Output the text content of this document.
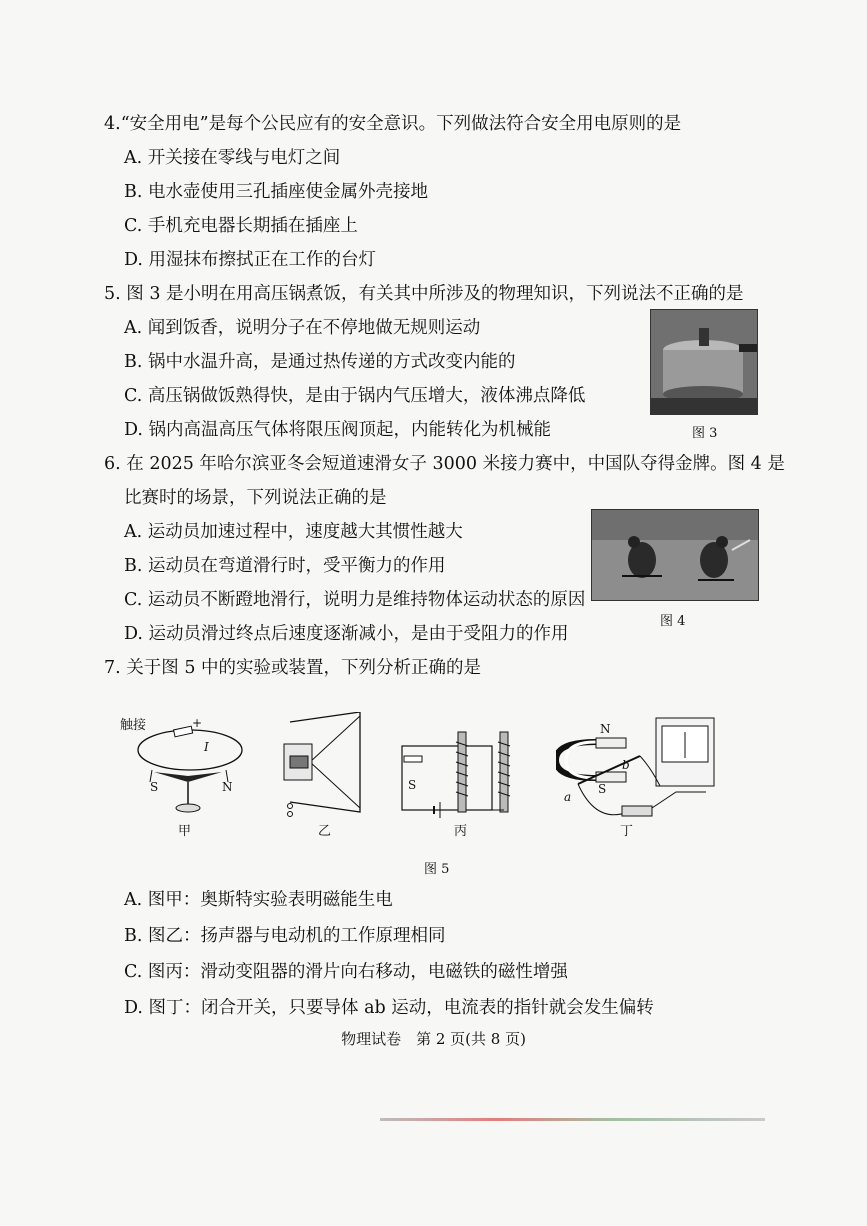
4.“安全用电”是每个公民应有的安全意识。下列做法符合安全用电原则的是
A. 开关接在零线与电灯之间
B. 电水壶使用三孔插座使金属外壳接地
C. 手机充电器长期插在插座上
D. 用湿抹布擦拭正在工作的台灯
5. 图 3 是小明在用高压锅煮饭，有关其中所涉及的物理知识，下列说法不正确的是
A. 闻到饭香，说明分子在不停地做无规则运动
B. 锅中水温升高，是通过热传递的方式改变内能的
C. 高压锅做饭熟得快，是由于锅内气压增大，液体沸点降低
D. 锅内高温高压气体将限压阀顶起，内能转化为机械能	图 3
6. 在 2025 年哈尔滨亚冬会短道速滑女子 3000 米接力赛中，中国队夺得金牌。图 4 是
比赛时的场景，下列说法正确的是
A. 运动员加速过程中，速度越大其惯性越大
B. 运动员在弯道滑行时，受平衡力的作用
C. 运动员不断蹬地滑行，说明力是维持物体运动状态的原因
D. 运动员滑过终点后速度逐渐减小，是由于受阻力的作用
图 4
7. 关于图 5 中的实验或装置，下列分析正确的是
触接	+
I
S	N
甲	乙
S
丙
N
S
a
b
丁
图 5
A. 图甲：奥斯特实验表明磁能生电
B. 图乙：扬声器与电动机的工作原理相同
C. 图丙：滑动变阻器的滑片向右移动，电磁铁的磁性增强
D. 图丁：闭合开关，只要导体 ab 运动，电流表的指针就会发生偏转
物理试卷　第 2 页(共 8 页)
